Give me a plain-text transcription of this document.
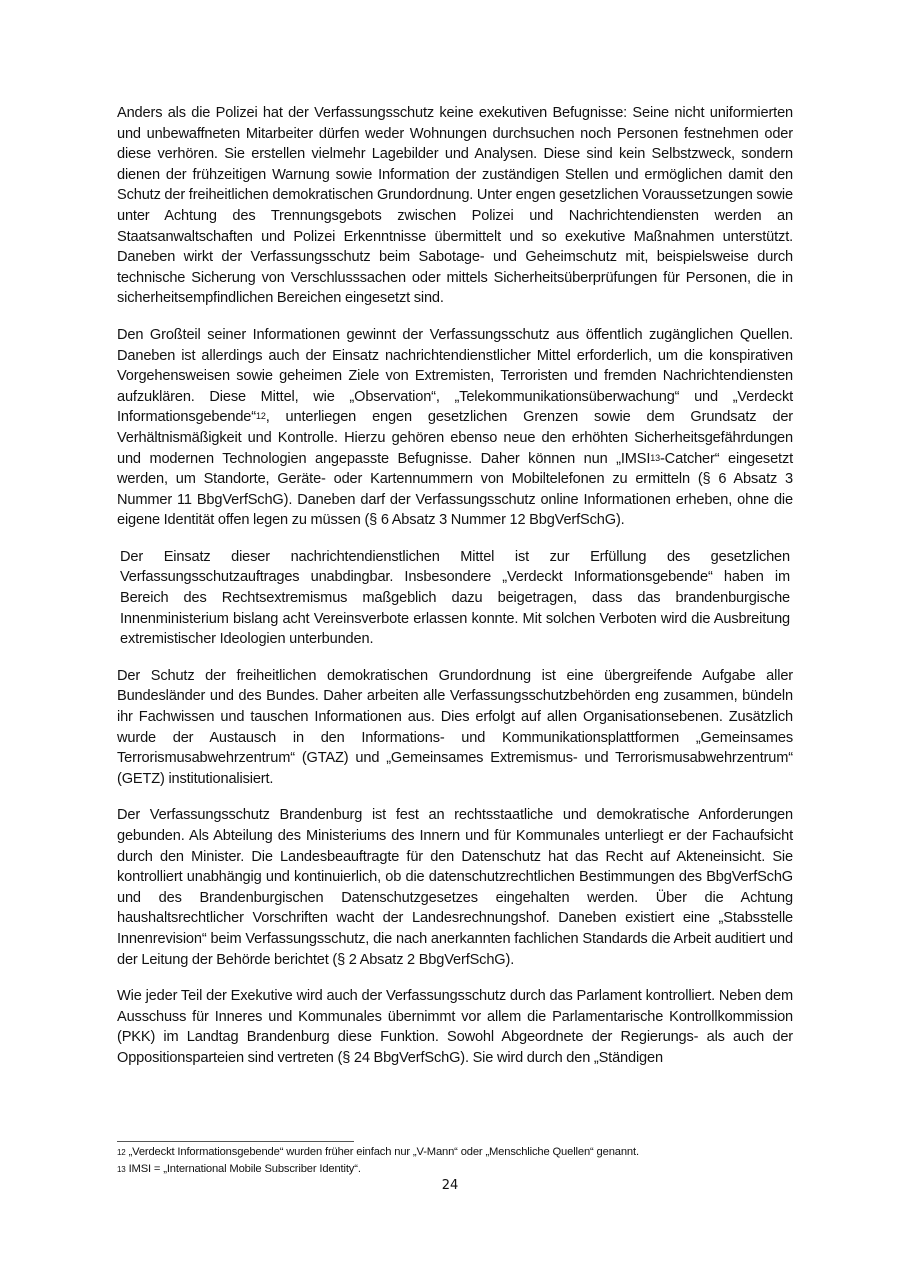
Anders als die Polizei hat der Verfassungsschutz keine exekutiven Befugnisse: Seine nicht uniformierten und unbewaffneten Mitarbeiter dürfen weder Wohnungen durchsuchen noch Personen festnehmen oder diese verhören. Sie erstellen vielmehr Lagebilder und Analysen. Diese sind kein Selbstzweck, sondern dienen der frühzeitigen Warnung sowie Information der zuständigen Stellen und ermöglichen damit den Schutz der freiheitlichen demokratischen Grundordnung. Unter engen gesetzlichen Voraussetzungen sowie unter Achtung des Trennungsgebots zwischen Polizei und Nachrichtendiensten werden an Staatsanwaltschaften und Polizei Erkenntnisse übermittelt und so exekutive Maßnahmen unterstützt. Daneben wirkt der Verfassungsschutz beim Sabotage- und Geheimschutz mit, beispielsweise durch technische Sicherung von Verschlusssachen oder mittels Sicherheitsüberprüfungen für Personen, die in sicherheitsempfindlichen Bereichen eingesetzt sind.

Den Großteil seiner Informationen gewinnt der Verfassungsschutz aus öffentlich zugänglichen Quellen. Daneben ist allerdings auch der Einsatz nachrichtendienstlicher Mittel erforderlich, um die konspirativen Vorgehensweisen sowie geheimen Ziele von Extremisten, Terroristen und fremden Nachrichtendiensten aufzuklären. Diese Mittel, wie „Observation“, „Telekommunikationsüberwachung“ und „Verdeckt Informationsgebende“$^{12}$, unterliegen engen gesetzlichen Grenzen sowie dem Grundsatz der Verhältnismäßigkeit und Kontrolle. Hierzu gehören ebenso neue den erhöhten Sicherheitsgefährdungen und modernen Technologien angepasste Befugnisse. Daher können nun „IMSI$^{13}$-Catcher“ eingesetzt werden, um Standorte, Geräte- oder Kartennummern von Mobiltelefonen zu ermitteln (§ 6 Absatz 3 Nummer 11 BbgVerfSchG). Daneben darf der Verfassungsschutz online Informationen erheben, ohne die eigene Identität offen legen zu müssen (§ 6 Absatz 3 Nummer 12 BbgVerfSchG).

Der Einsatz dieser nachrichtendienstlichen Mittel ist zur Erfüllung des gesetzlichen Verfassungsschutzauftrages unabdingbar. Insbesondere „Verdeckt Informationsgebende“ haben im Bereich des Rechtsextremismus maßgeblich dazu beigetragen, dass das brandenburgische Innenministerium bislang acht Vereinsverbote erlassen konnte. Mit solchen Verboten wird die Ausbreitung extremistischer Ideologien unterbunden.

Der Schutz der freiheitlichen demokratischen Grundordnung ist eine übergreifende Aufgabe aller Bundesländer und des Bundes. Daher arbeiten alle Verfassungsschutzbehörden eng zusammen, bündeln ihr Fachwissen und tauschen Informationen aus. Dies erfolgt auf allen Organisationsebenen. Zusätzlich wurde der Austausch in den Informations- und Kommunikationsplattformen „Gemeinsames Terrorismusabwehrzentrum“ (GTAZ) und „Gemeinsames Extremismus- und Terrorismusabwehrzentrum“ (GETZ) institutionalisiert.

Der Verfassungsschutz Brandenburg ist fest an rechtsstaatliche und demokratische Anforderungen gebunden. Als Abteilung des Ministeriums des Innern und für Kommunales unterliegt er der Fachaufsicht durch den Minister. Die Landesbeauftragte für den Datenschutz hat das Recht auf Akteneinsicht. Sie kontrolliert unabhängig und kontinuierlich, ob die datenschutzrechtlichen Bestimmungen des BbgVerfSchG und des Brandenburgischen Datenschutzgesetzes eingehalten werden. Über die Achtung haushaltsrechtlicher Vorschriften wacht der Landesrechnungshof. Daneben existiert eine „Stabsstelle Innenrevision“ beim Verfassungsschutz, die nach anerkannten fachlichen Standards die Arbeit auditiert und der Leitung der Behörde berichtet (§ 2 Absatz 2 BbgVerfSchG).

Wie jeder Teil der Exekutive wird auch der Verfassungsschutz durch das Parlament kontrolliert. Neben dem Ausschuss für Inneres und Kommunales übernimmt vor allem die Parlamentarische Kontrollkommission (PKK) im Landtag Brandenburg diese Funktion. Sowohl Abgeordnete der Regierungs- als auch der Oppositionsparteien sind vertreten (§ 24 BbgVerfSchG). Sie wird durch den „Ständigen

$^{12}$ „Verdeckt Informationsgebende“ wurden früher einfach nur „V-Mann“ oder „Menschliche Quellen“ genannt.

$^{13}$ IMSI = „International Mobile Subscriber Identity“.

24
